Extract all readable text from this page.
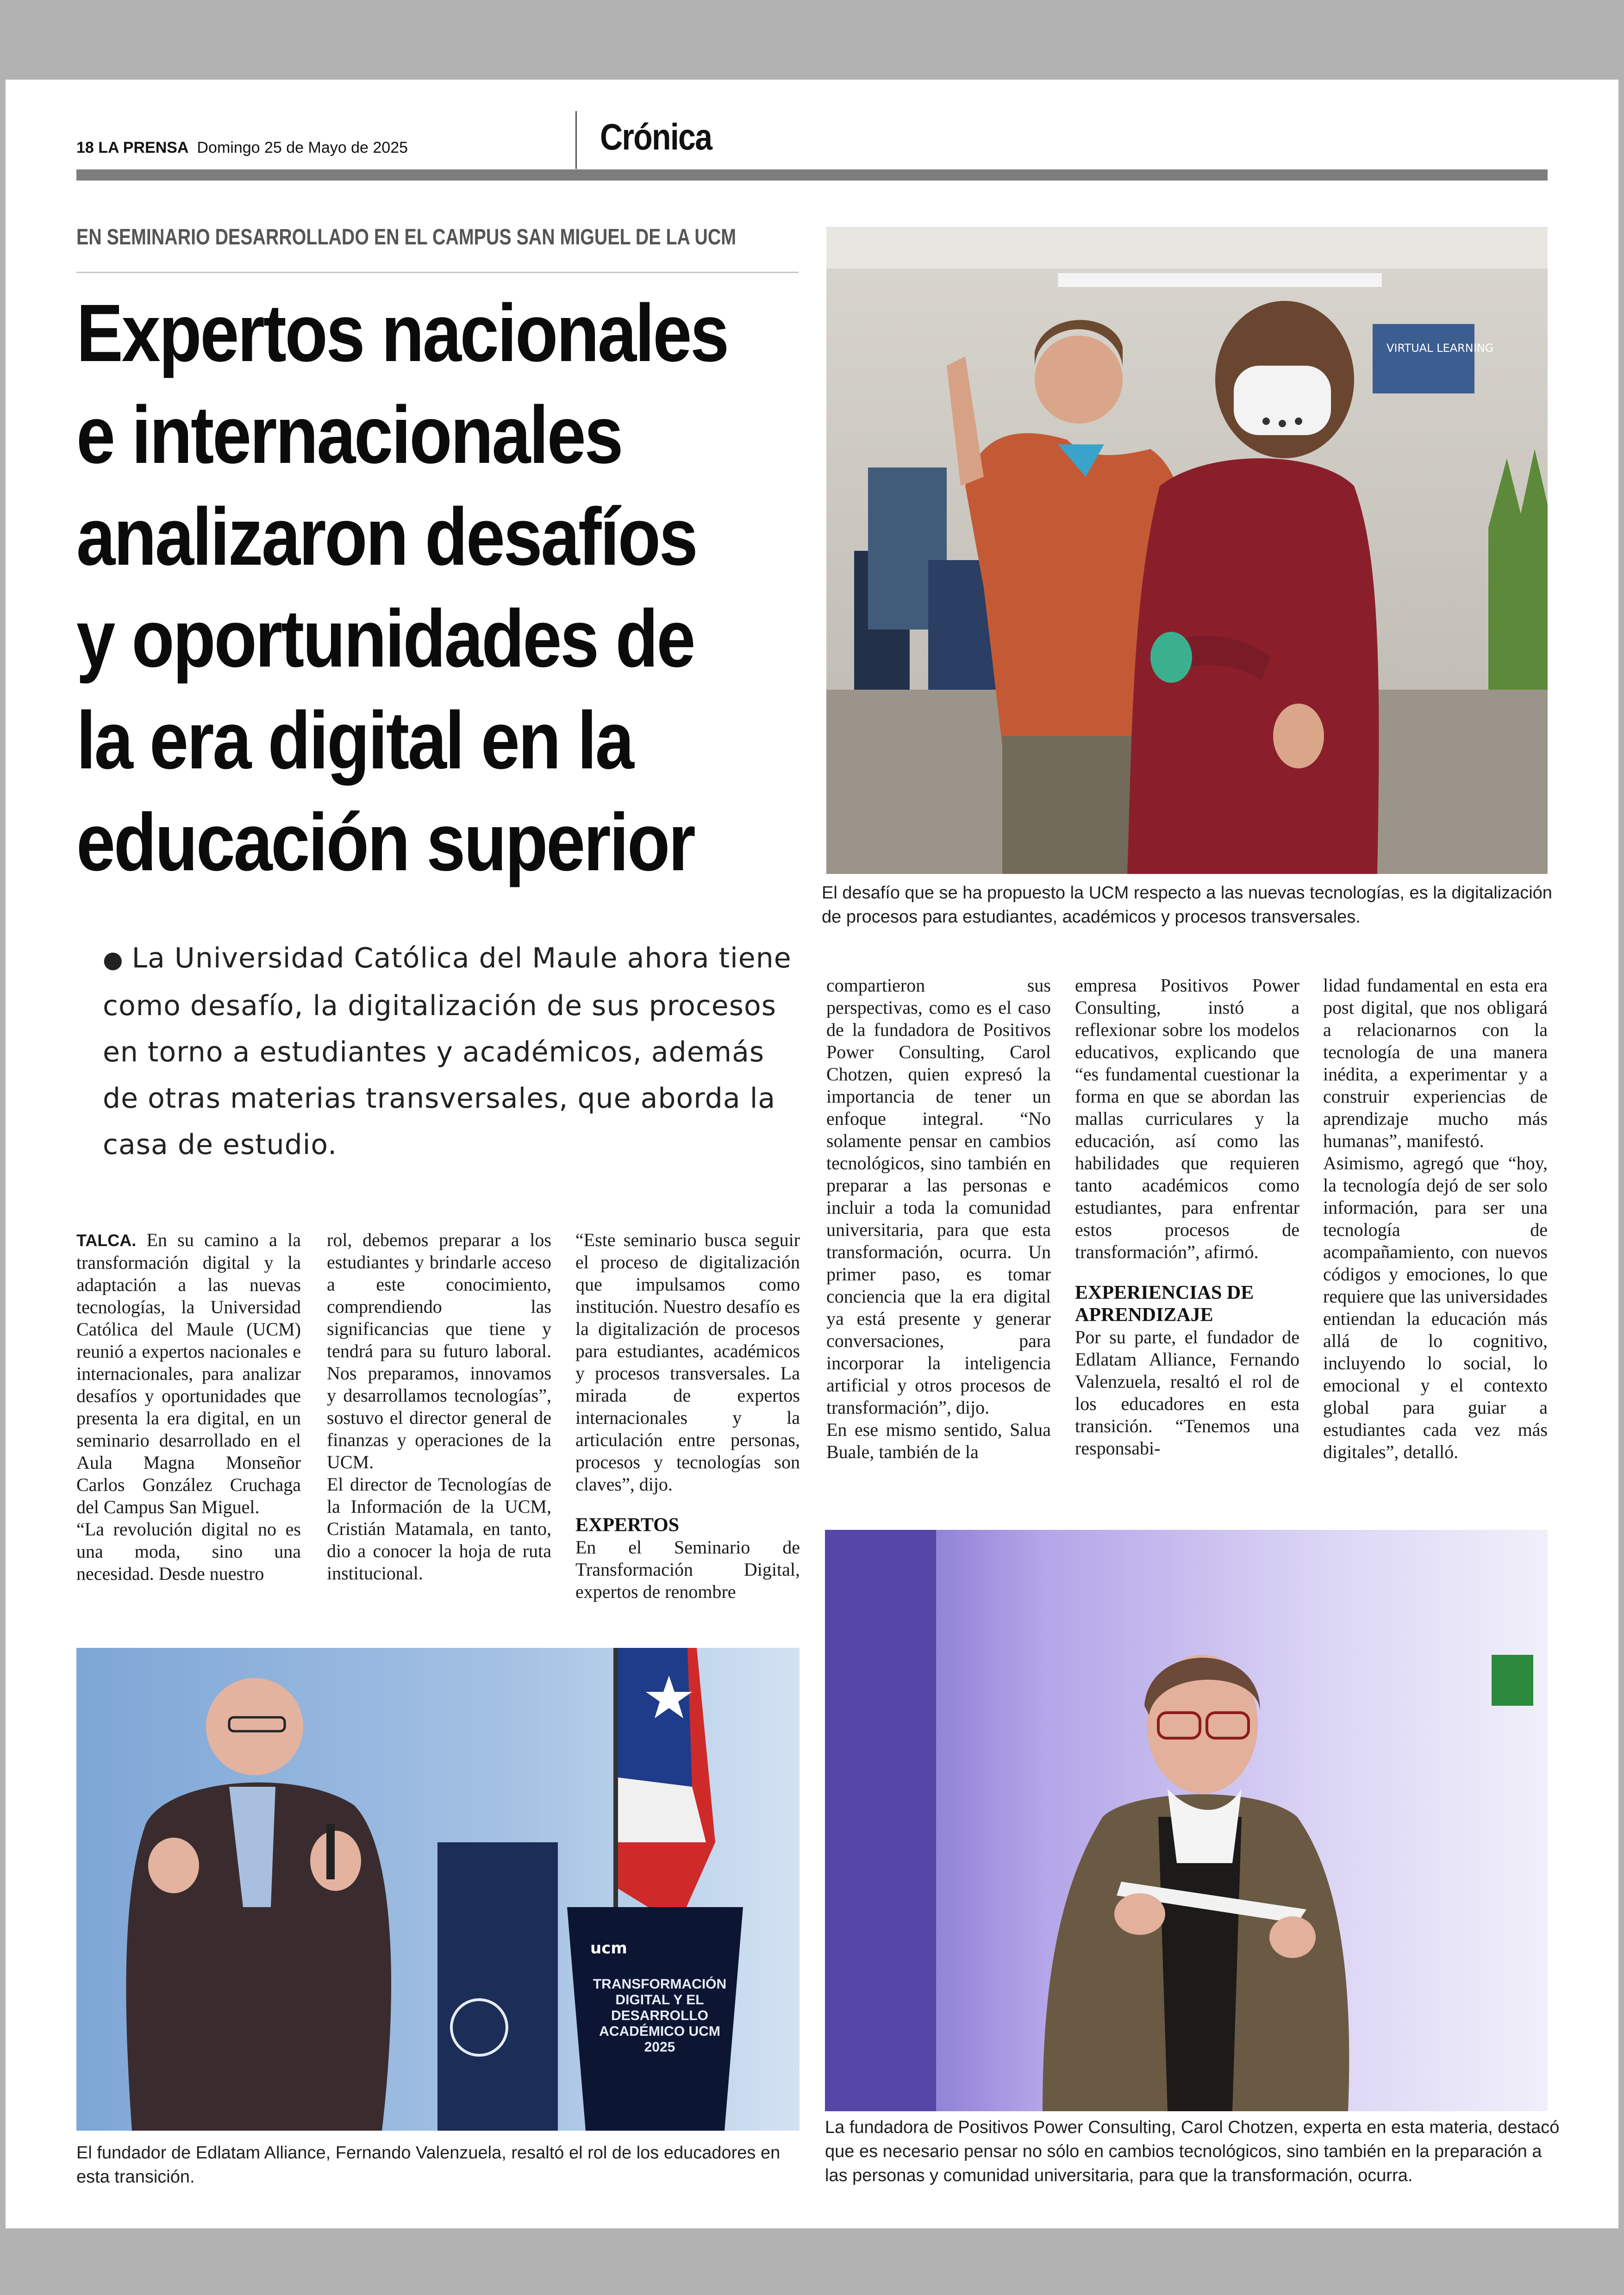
18 LA PRENSA Domingo 25 de Mayo de 2025	Crónica
EN SEMINARIO DESARROLLADO EN EL CAMPUS SAN MIGUEL DE LA UCM
Expertos nacionales
e internacionales
analizaron desafíos
y oportunidades de
la era digital en la
educación superior
● La Universidad Católica del Maule ahora tiene como desafío, la digitalización de sus procesos en torno a estudiantes y académicos, además de otras materias transversales, que aborda la casa de estudio.
VIRTUAL LEARNING
El desafío que se ha propuesto la UCM respecto a las nuevas tecnologías, es la digitalización de procesos para estudiantes, académicos y procesos transversales.

TALCA. En su camino a la transformación digital y la adaptación a las nuevas tecnologías, la Universidad Católica del Maule (UCM) reunió a expertos nacionales e internacionales, para analizar desafíos y oportunidades que presenta la era digital, en un seminario desarrollado en el Aula Magna Monseñor Carlos González Cruchaga del Campus San Miguel.

“La revolución digital no es una moda, sino una necesidad. Desde nuestro

rol, debemos preparar a los estudiantes y brindarle acceso a este conocimiento, comprendiendo las significancias que tiene y tendrá para su futuro laboral. Nos preparamos, innovamos y desarrollamos tecnologías”, sostuvo el director general de finanzas y operaciones de la UCM.

El director de Tecnologías de la Información de la UCM, Cristián Matamala, en tanto, dio a conocer la hoja de ruta institucional.

“Este seminario busca seguir el proceso de digitalización que impulsamos como institución. Nuestro desafío es la digitalización de procesos para estudiantes, académicos y procesos transversales. La mirada de expertos internacionales y la articulación entre personas, procesos y tecnologías son claves”, dijo.

EXPERTOS

En el Seminario de Transformación Digital, expertos de renombre

compartieron sus perspectivas, como es el caso de la fundadora de Positivos Power Consulting, Carol Chotzen, quien expresó la importancia de tener un enfoque integral. “No solamente pensar en cambios tecnológicos, sino también en preparar a las personas e incluir a toda la comunidad universitaria, para que esta transformación, ocurra. Un primer paso, es tomar conciencia que la era digital ya está presente y generar conversaciones, para incorporar la inteligencia artificial y otros procesos de transformación”, dijo.

En ese mismo sentido, Salua Buale, también de la

empresa Positivos Power Consulting, instó a reflexionar sobre los modelos educativos, explicando que “es fundamental cuestionar la forma en que se abordan las mallas curriculares y la educación, así como las habilidades que requieren tanto académicos como estudiantes, para enfrentar estos procesos de transformación”, afirmó.

EXPERIENCIAS DE APRENDIZAJE

Por su parte, el fundador de Edlatam Alliance, Fernando Valenzuela, resaltó el rol de los educadores en esta transición. “Tenemos una responsabi-

lidad fundamental en esta era post digital, que nos obligará a relacionarnos con la tecnología de una manera inédita, a experimentar y a construir experiencias de aprendizaje mucho más humanas”, manifestó.

Asimismo, agregó que “hoy, la tecnología dejó de ser solo información, para ser una tecnología de acompañamiento, con nuevos códigos y emociones, lo que requiere que las universidades entiendan la educación más allá de lo cognitivo, incluyendo lo social, lo emocional y el contexto global para guiar a estudiantes cada vez más digitales”, detalló.

ucm
TRANSFORMACIÓN DIGITAL Y EL DESARROLLO ACADÉMICO UCM 2025
El fundador de Edlatam Alliance, Fernando Valenzuela, resaltó el rol de los educadores en esta transición.
La fundadora de Positivos Power Consulting, Carol Chotzen, experta en esta materia, destacó que es necesario pensar no sólo en cambios tecnológicos, sino también en la preparación a las personas y comunidad universitaria, para que la transformación, ocurra.
